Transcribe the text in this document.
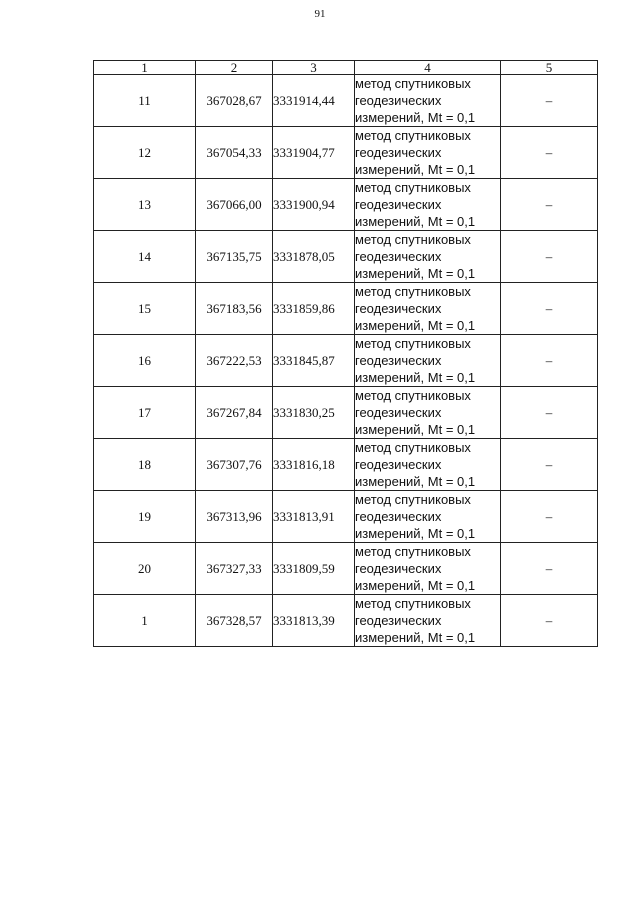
91
1	2	3	4	5
11	367028,67	3331914,44	метод спутниковых
геодезических
измерений, Mt = 0,1	–
12	367054,33	3331904,77	метод спутниковых
геодезических
измерений, Mt = 0,1	–
13	367066,00	3331900,94	метод спутниковых
геодезических
измерений, Mt = 0,1	–
14	367135,75	3331878,05	метод спутниковых
геодезических
измерений, Mt = 0,1	–
15	367183,56	3331859,86	метод спутниковых
геодезических
измерений, Mt = 0,1	–
16	367222,53	3331845,87	метод спутниковых
геодезических
измерений, Mt = 0,1	–
17	367267,84	3331830,25	метод спутниковых
геодезических
измерений, Mt = 0,1	–
18	367307,76	3331816,18	метод спутниковых
геодезических
измерений, Mt = 0,1	–
19	367313,96	3331813,91	метод спутниковых
геодезических
измерений, Mt = 0,1	–
20	367327,33	3331809,59	метод спутниковых
геодезических
измерений, Mt = 0,1	–
1	367328,57	3331813,39	метод спутниковых
геодезических
измерений, Mt = 0,1	–
